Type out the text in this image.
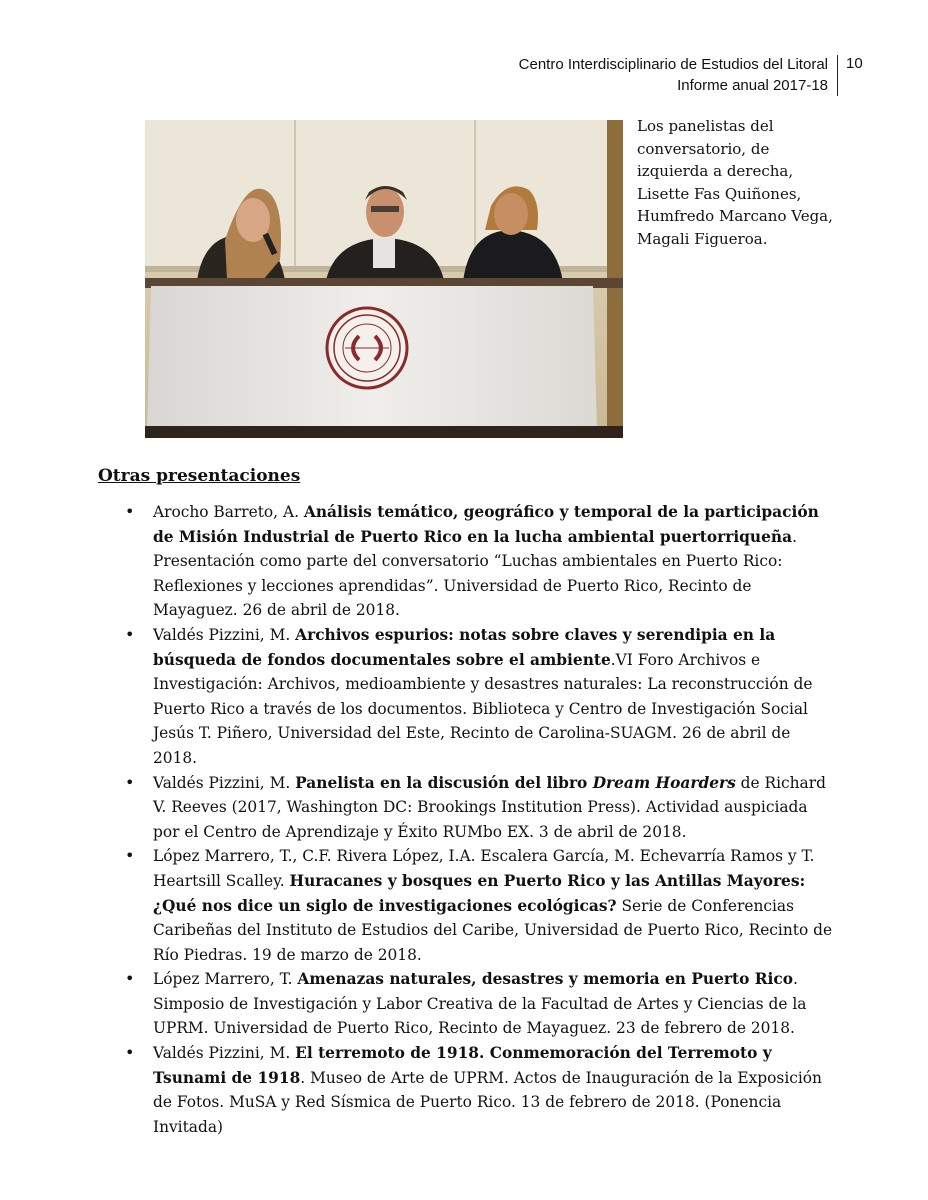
Centro Interdisciplinario de Estudios del Litoral
Informe anual 2017-18
10
Los panelistas del conversatorio, de izquierda a derecha, Lisette Fas Quiñones, Humfredo Marcano Vega, Magali Figueroa.
Otras presentaciones
• Arocho Barreto, A. Análisis temático, geográfico y temporal de la participación de Misión Industrial de Puerto Rico en la lucha ambiental puertorriqueña. Presentación como parte del conversatorio “Luchas ambientales en Puerto Rico: Reflexiones y lecciones aprendidas”. Universidad de Puerto Rico, Recinto de Mayaguez. 26 de abril de 2018.
• Valdés Pizzini, M. Archivos espurios: notas sobre claves y serendipia en la búsqueda de fondos documentales sobre el ambiente.VI Foro Archivos e Investigación: Archivos, medioambiente y desastres naturales: La reconstrucción de Puerto Rico a través de los documentos. Biblioteca y Centro de Investigación Social Jesús T. Piñero, Universidad del Este, Recinto de Carolina-SUAGM. 26 de abril de 2018.
• Valdés Pizzini, M. Panelista en la discusión del libro Dream Hoarders de Richard V. Reeves (2017, Washington DC: Brookings Institution Press). Actividad auspiciada por el Centro de Aprendizaje y Éxito RUMbo EX. 3 de abril de 2018.
• López Marrero, T., C.F. Rivera López, I.A. Escalera García, M. Echevarría Ramos y T. Heartsill Scalley. Huracanes y bosques en Puerto Rico y las Antillas Mayores: ¿Qué nos dice un siglo de investigaciones ecológicas? Serie de Conferencias Caribeñas del Instituto de Estudios del Caribe, Universidad de Puerto Rico, Recinto de Río Piedras. 19 de marzo de 2018.
• López Marrero, T. Amenazas naturales, desastres y memoria en Puerto Rico. Simposio de Investigación y Labor Creativa de la Facultad de Artes y Ciencias de la UPRM. Universidad de Puerto Rico, Recinto de Mayaguez. 23 de febrero de 2018.
• Valdés Pizzini, M. El terremoto de 1918. Conmemoración del Terremoto y Tsunami de 1918. Museo de Arte de UPRM. Actos de Inauguración de la Exposición de Fotos. MuSA y Red Sísmica de Puerto Rico. 13 de febrero de 2018. (Ponencia Invitada)
